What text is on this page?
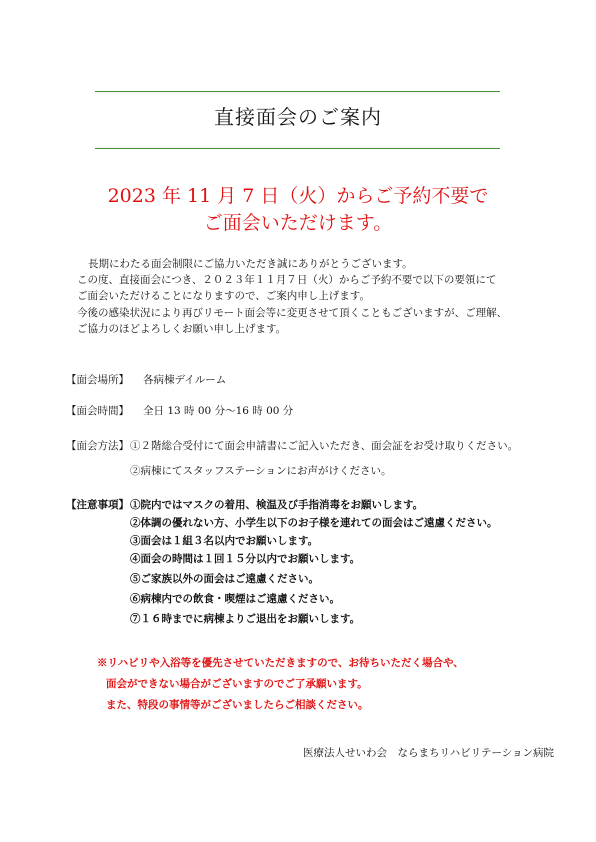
直接面会のご案内
2023 年 11 月 7 日（火）からご予約不要で
ご面会いただけます。
長期にわたる面会制限にご協力いただき誠にありがとうございます。
この度、直接面会につき、２０２３年１１月７日（火）からご予約不要で以下の要領にて
ご面会いただけることになりますので、ご案内申し上げます。
今後の感染状況により再びリモート面会等に変更させて頂くこともございますが、ご理解、
ご協力のほどよろしくお願い申し上げます。
【面会場所】 各病棟デイルーム
【面会時間】 全日 13 時 00 分～16 時 00 分
【面会方法】 ①２階総合受付にて面会申請書にご記入いただき、面会証をお受け取りください。
②病棟にてスタッフステーションにお声がけください。
【注意事項】 ①院内ではマスクの着用、検温及び手指消毒をお願いします。
②体調の優れない方、小学生以下のお子様を連れての面会はご遠慮ください。
③面会は１組３名以内でお願いします。
④面会の時間は１回１５分以内でお願いします。
⑤ご家族以外の面会はご遠慮ください。
⑥病棟内での飲食・喫煙はご遠慮ください。
⑦１６時までに病棟よりご退出をお願いします。
※リハビリや入浴等を優先させていただきますので、お待ちいただく場合や、
面会ができない場合がございますのでご了承願います。
また、特段の事情等がございましたらご相談ください。
医療法人せいわ会　ならまちリハビリテーション病院
